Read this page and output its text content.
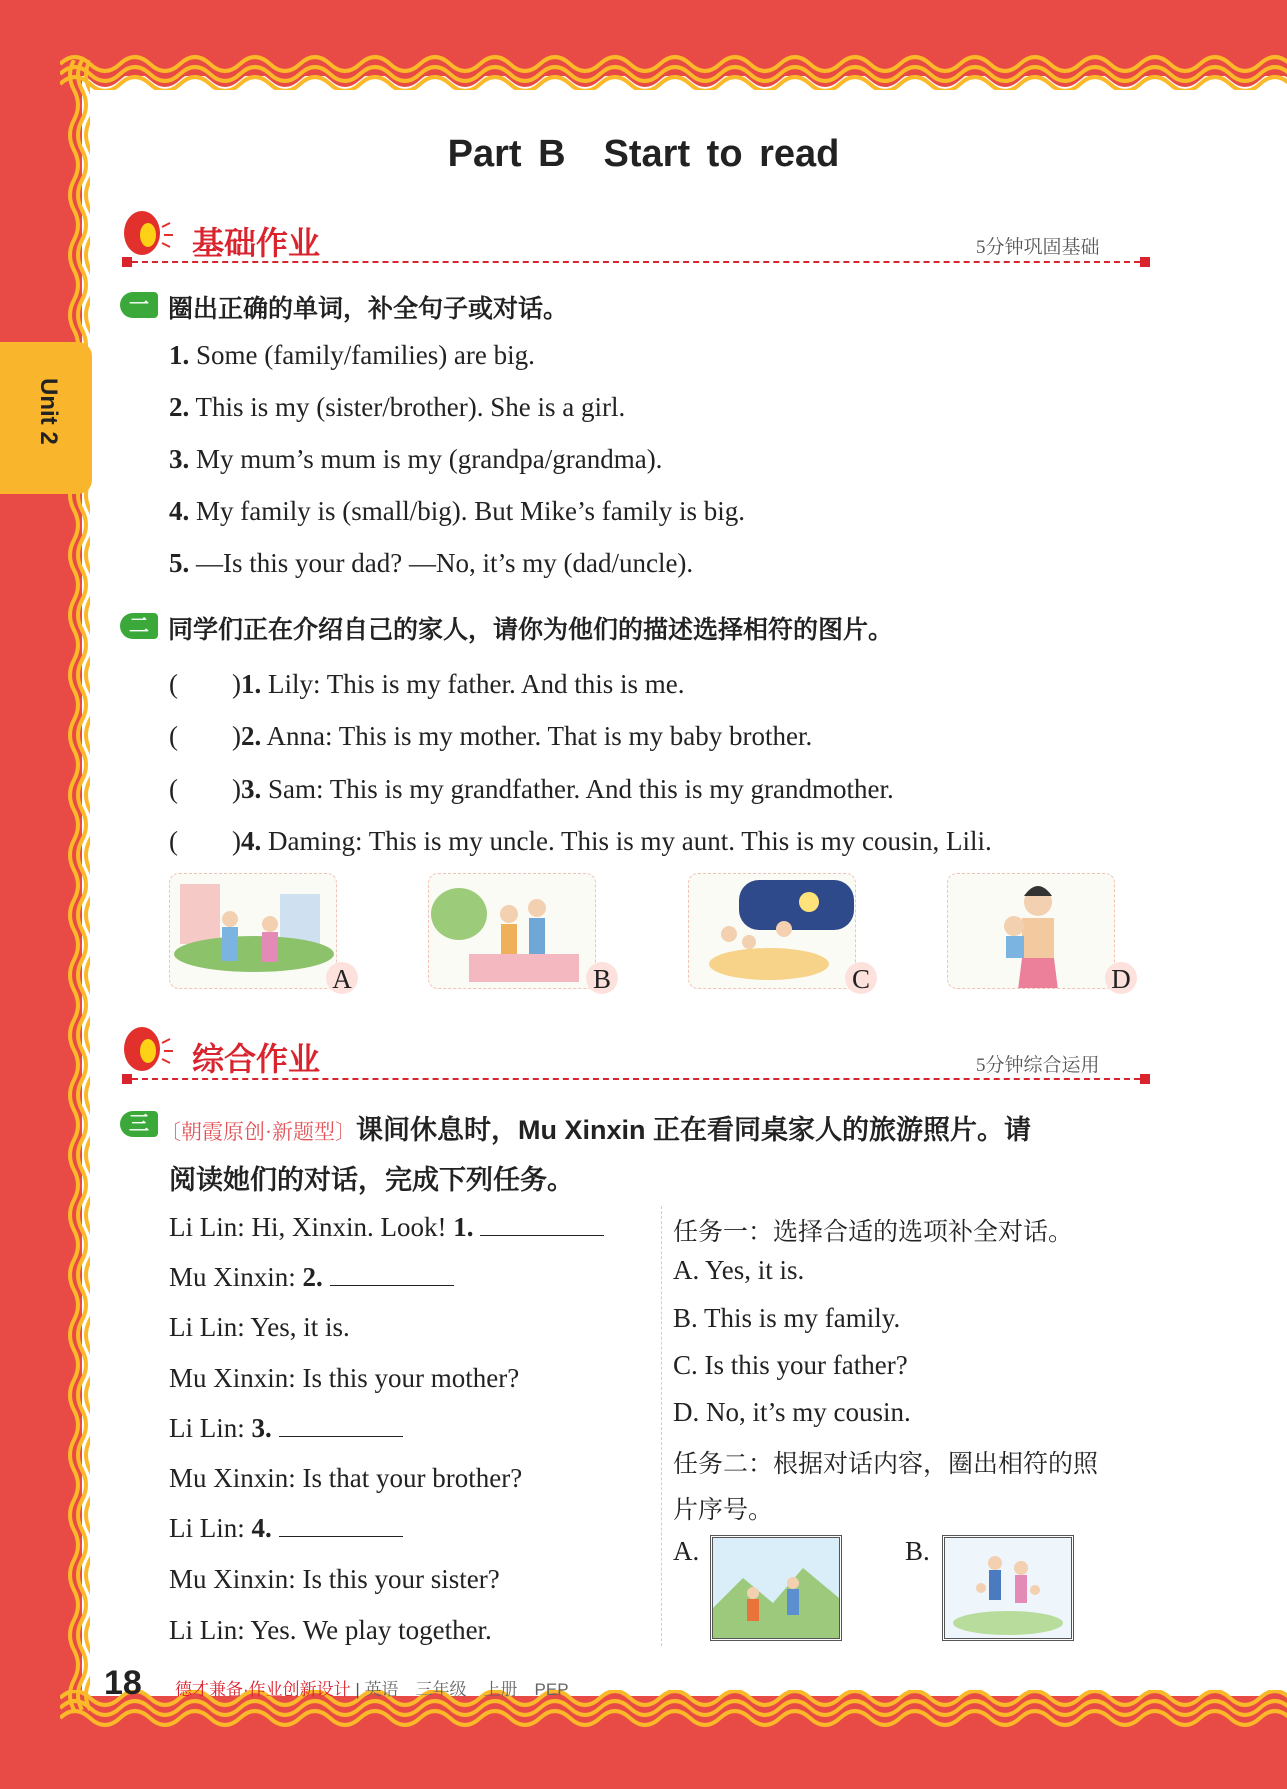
Part B　Start to read
Unit 2
基础作业	5分钟巩固基础
一 圈出正确的单词，补全句子或对话。
1. Some (family/families) are big.
2. This is my (sister/brother). She is a girl.
3. My mum’s mum is my (grandpa/grandma).
4. My family is (small/big). But Mike’s family is big.
5. —Is this your dad? —No, it’s my (dad/uncle).
二 同学们正在介绍自己的家人，请你为他们的描述选择相符的图片。
(　　)1. Lily: This is my father. And this is me.
(　　)2. Anna: This is my mother. That is my baby brother.
(　　)3. Sam: This is my grandfather. And this is my grandmother.
(　　)4. Daming: This is my uncle. This is my aunt. This is my cousin, Lili.
A	B	C	D
综合作业	5分钟综合运用
三 〔朝霞原创·新题型〕课间休息时，Mu Xinxin 正在看同桌家人的旅游照片。请
阅读她们的对话，完成下列任务。
Li Lin: Hi, Xinxin. Look! 1.
Mu Xinxin: 2.
Li Lin: Yes, it is.
Mu Xinxin: Is this your mother?
Li Lin: 3.
Mu Xinxin: Is that your brother?
Li Lin: 4.
Mu Xinxin: Is this your sister?
Li Lin: Yes. We play together.
任务一：选择合适的选项补全对话。
A. Yes, it is.
B. This is my family.
C. Is this your father?
D. No, it’s my cousin.
任务二：根据对话内容，圈出相符的照
片序号。
A.	B.
18 德才兼备·作业创新设计 | 英语　三年级　上册　PEP
